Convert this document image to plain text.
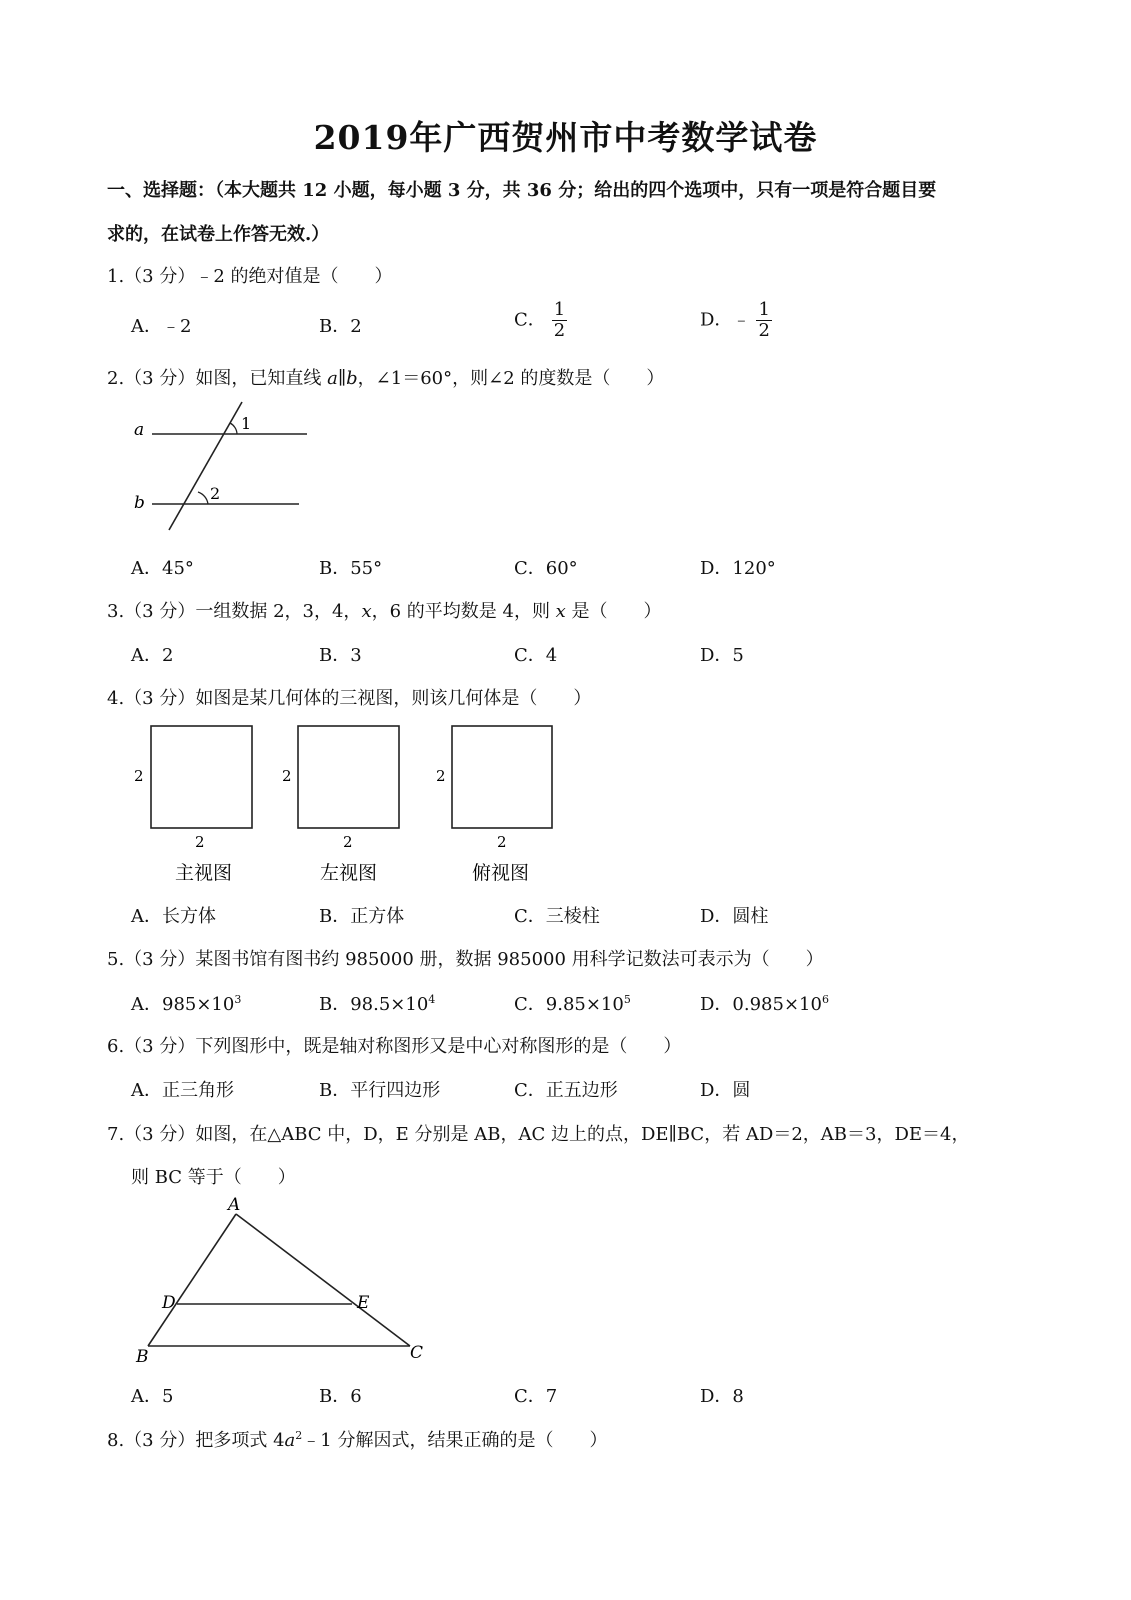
2019年广西贺州市中考数学试卷
一、选择题：（本大题共 12 小题，每小题 3 分，共 36 分；给出的四个选项中，只有一项是符合题目要
求的，在试卷上作答无效.）
1.（3 分）﹣2 的绝对值是（　　）
A．﹣2	B．2	C． $\frac{1}{2}$	D．﹣ $\frac{1}{2}$
2.（3 分）如图，已知直线 a∥b，∠1＝60°，则∠2 的度数是（　　）
a
b
1
2
A．45°	B．55°	C．60°	D．120°
3.（3 分）一组数据 2，3，4，x，6 的平均数是 4，则 x 是（　　）
A．2	B．3	C．4	D．5
4.（3 分）如图是某几何体的三视图，则该几何体是（　　）
2
2
主视图
2
2
左视图
2
2
俯视图
A．长方体	B．正方体	C．三棱柱	D．圆柱
5.（3 分）某图书馆有图书约 985000 册，数据 985000 用科学记数法可表示为（　　）
A．$985\times 10^3$	B．$98.5\times 10^4$	C．$9.85\times 10^5$	D．$0.985\times 10^6$
6.（3 分）下列图形中，既是轴对称图形又是中心对称图形的是（　　）
A．正三角形	B．平行四边形	C．正五边形	D．圆
7.（3 分）如图，在△ABC 中，D，E 分别是 AB，AC 边上的点，DE∥BC，若 AD＝2，AB＝3，DE＝4，
则 BC 等于（　　）
A
D	E
B	C
A．5	B．6	C．7	D．8
8.（3 分）把多项式 $4a^2﹣1$ 分解因式，结果正确的是（　　）
